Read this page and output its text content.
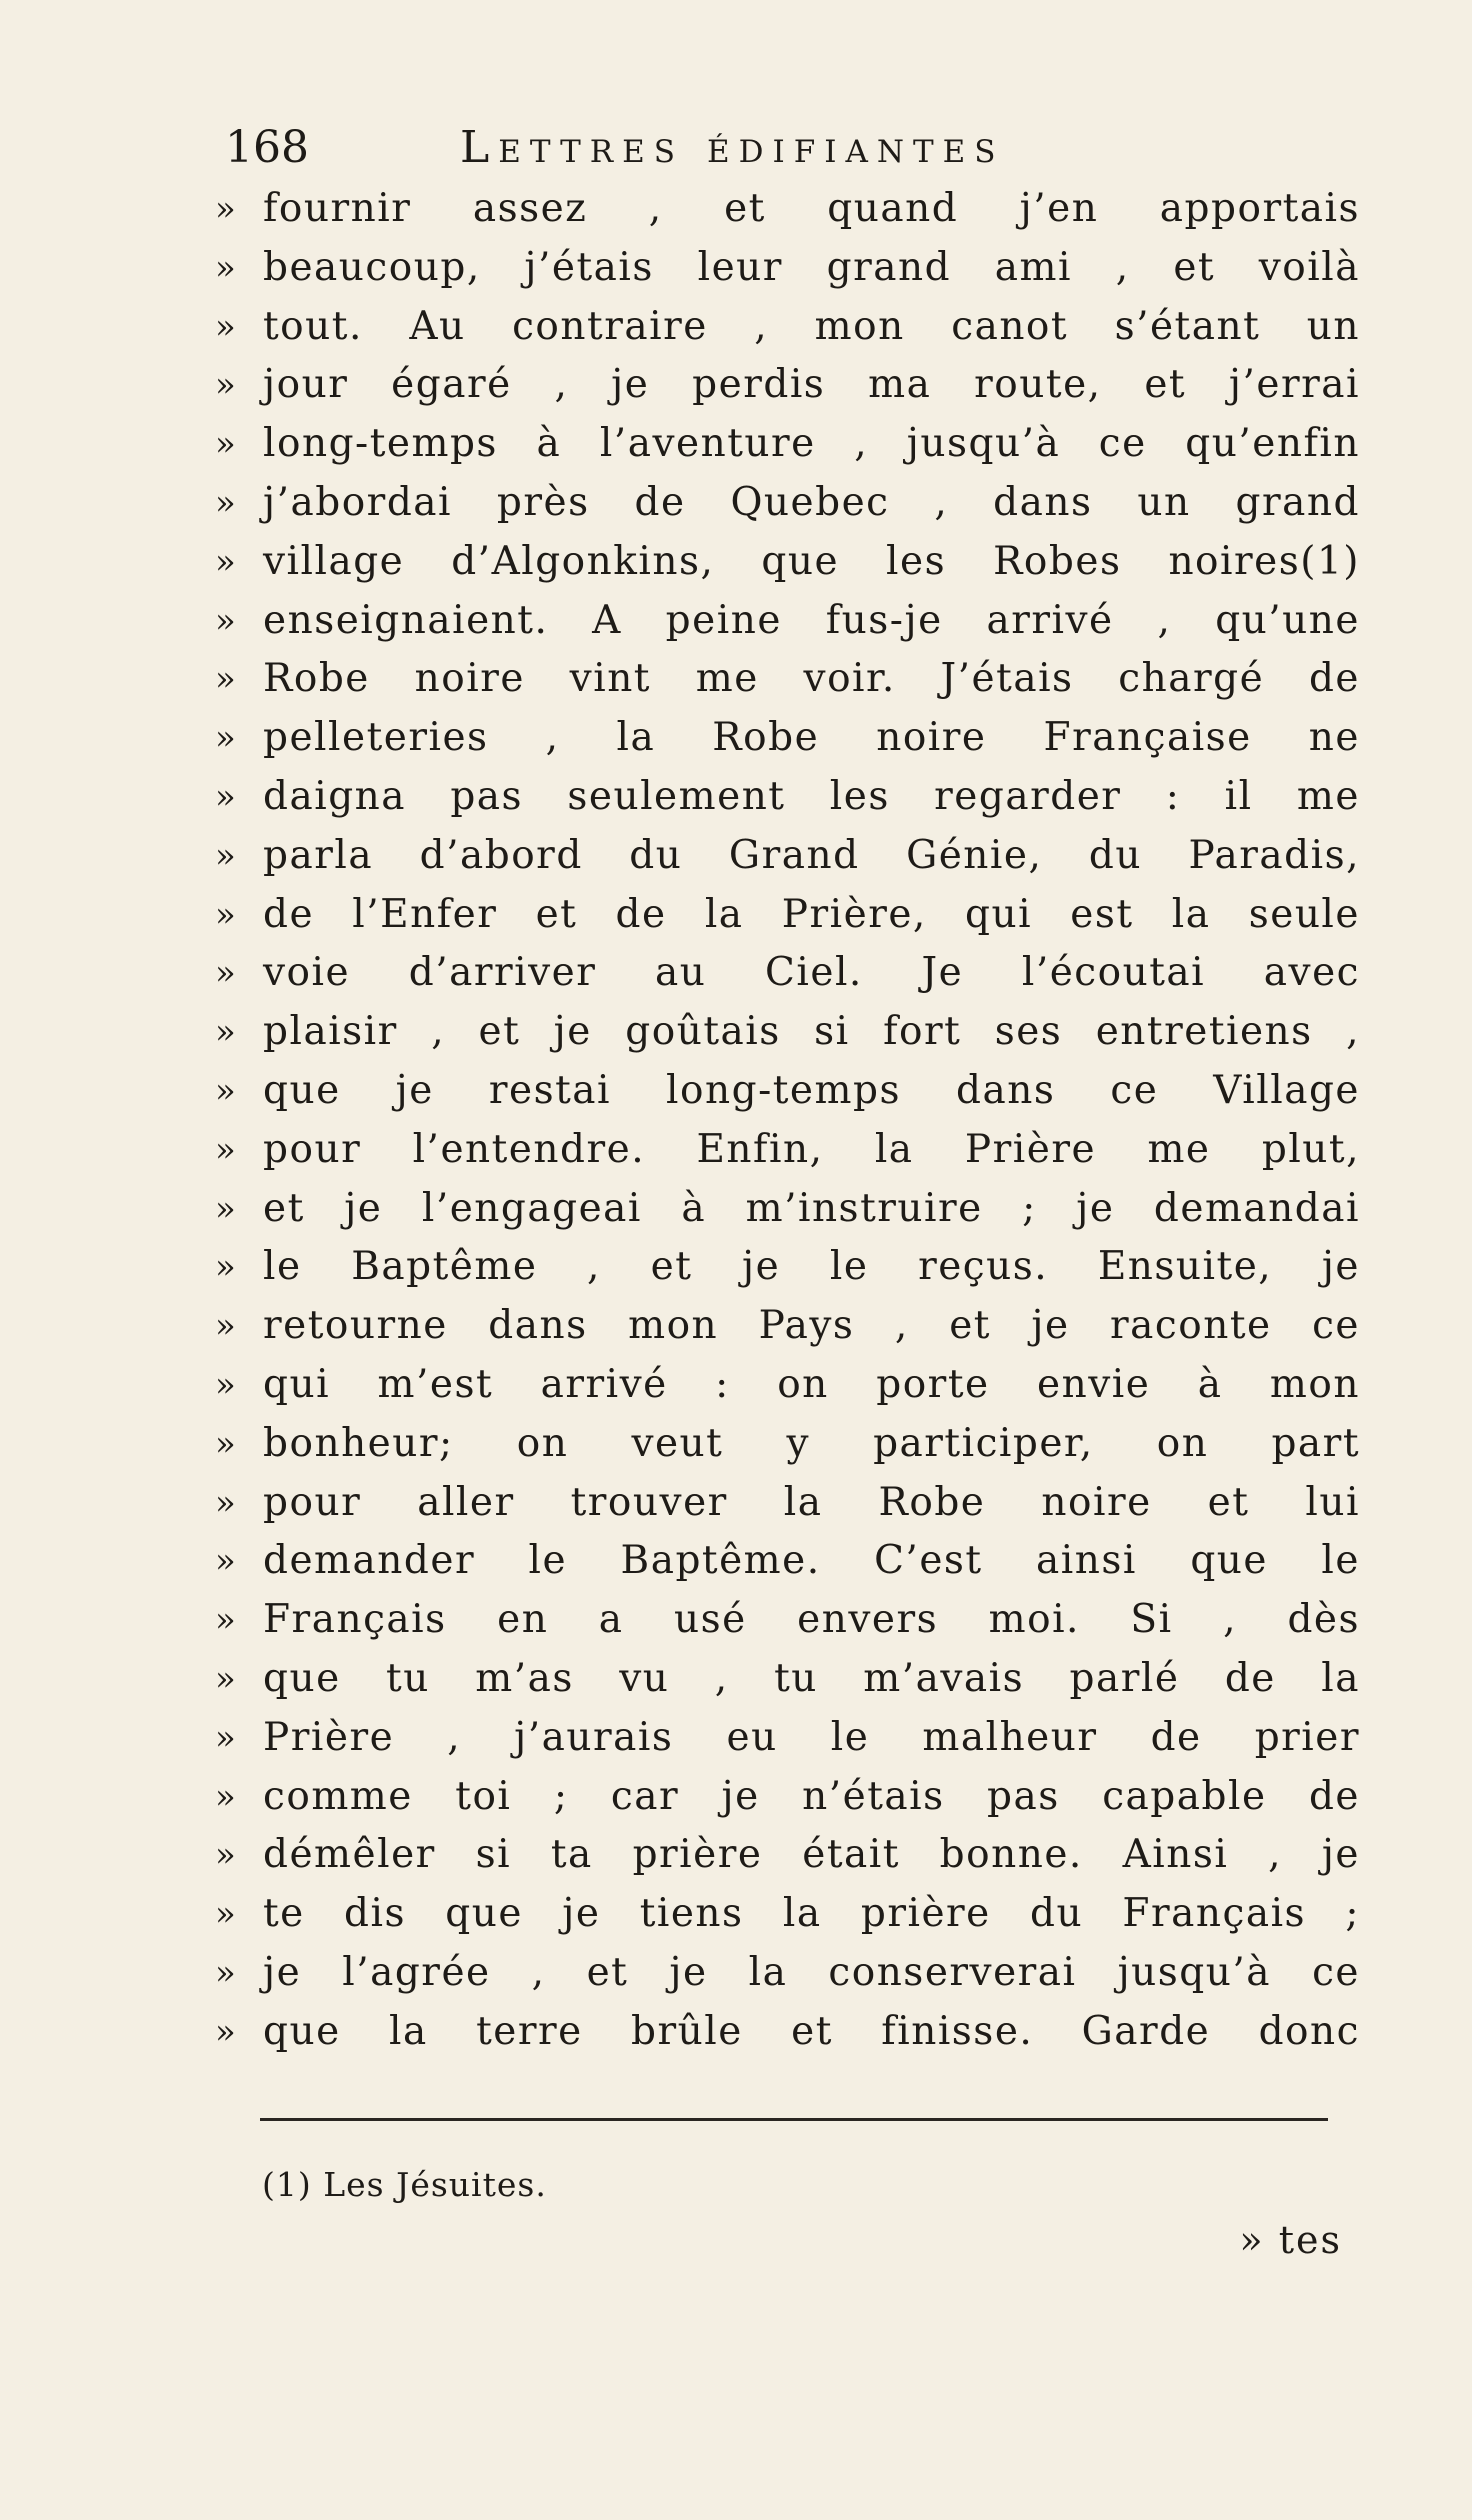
168	Lettres édifiantes
» fournir assez , et quand j’en apportais
» beaucoup, j’étais leur grand ami , et voilà
» tout. Au contraire , mon canot s’étant un
» jour égaré , je perdis ma route, et j’errai
» long-temps à l’aventure , jusqu’à ce qu’enfin
» j’abordai près de Quebec , dans un grand
» village d’Algonkins, que les Robes noires(1)
» enseignaient. A peine fus-je arrivé , qu’une
» Robe noire vint me voir. J’étais chargé de
» pelleteries , la Robe noire Française ne
» daigna pas seulement les regarder : il me
» parla d’abord du Grand Génie, du Paradis,
» de l’Enfer et de la Prière, qui est la seule
» voie d’arriver au Ciel. Je l’écoutai avec
» plaisir , et je goûtais si fort ses entretiens ,
» que je restai long-temps dans ce Village
» pour l’entendre. Enfin, la Prière me plut,
» et je l’engageai à m’instruire ; je demandai
» le Baptême , et je le reçus. Ensuite, je
» retourne dans mon Pays , et je raconte ce
» qui m’est arrivé : on porte envie à mon
» bonheur; on veut y participer, on part
» pour aller trouver la Robe noire et lui
» demander le Baptême. C’est ainsi que le
» Français en a usé envers moi. Si , dès
» que tu m’as vu , tu m’avais parlé de la
» Prière , j’aurais eu le malheur de prier
» comme toi ; car je n’étais pas capable de
» démêler si ta prière était bonne. Ainsi , je
» te dis que je tiens la prière du Français ;
» je l’agrée , et je la conserverai jusqu’à ce
» que la terre brûle et finisse. Garde donc
(1) Les Jésuites.
» tes
